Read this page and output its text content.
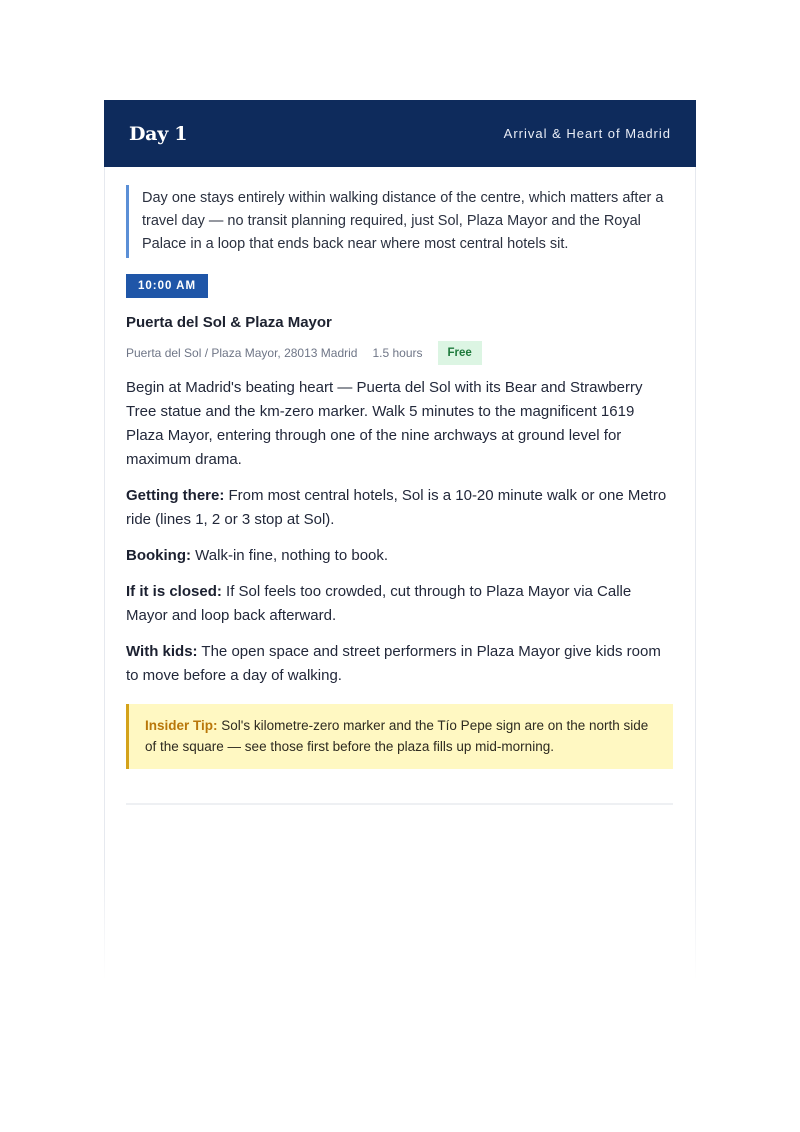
Day 1	Arrival & Heart of Madrid
Day one stays entirely within walking distance of the centre, which matters after a travel day — no transit planning required, just Sol, Plaza Mayor and the Royal Palace in a loop that ends back near where most central hotels sit.
10:00 AM
Puerta del Sol & Plaza Mayor
Puerta del Sol / Plaza Mayor, 28013 Madrid 1.5 hours	Free
Begin at Madrid's beating heart — Puerta del Sol with its Bear and Strawberry Tree statue and the km-zero marker. Walk 5 minutes to the magnificent 1619 Plaza Mayor, entering through one of the nine archways at ground level for maximum drama.
Getting there: From most central hotels, Sol is a 10-20 minute walk or one Metro ride (lines 1, 2 or 3 stop at Sol).
Booking: Walk-in fine, nothing to book.
If it is closed: If Sol feels too crowded, cut through to Plaza Mayor via Calle Mayor and loop back afterward.
With kids: The open space and street performers in Plaza Mayor give kids room to move before a day of walking.
Insider Tip: Sol's kilometre-zero marker and the Tío Pepe sign are on the north side of the square — see those first before the plaza fills up mid-morning.
